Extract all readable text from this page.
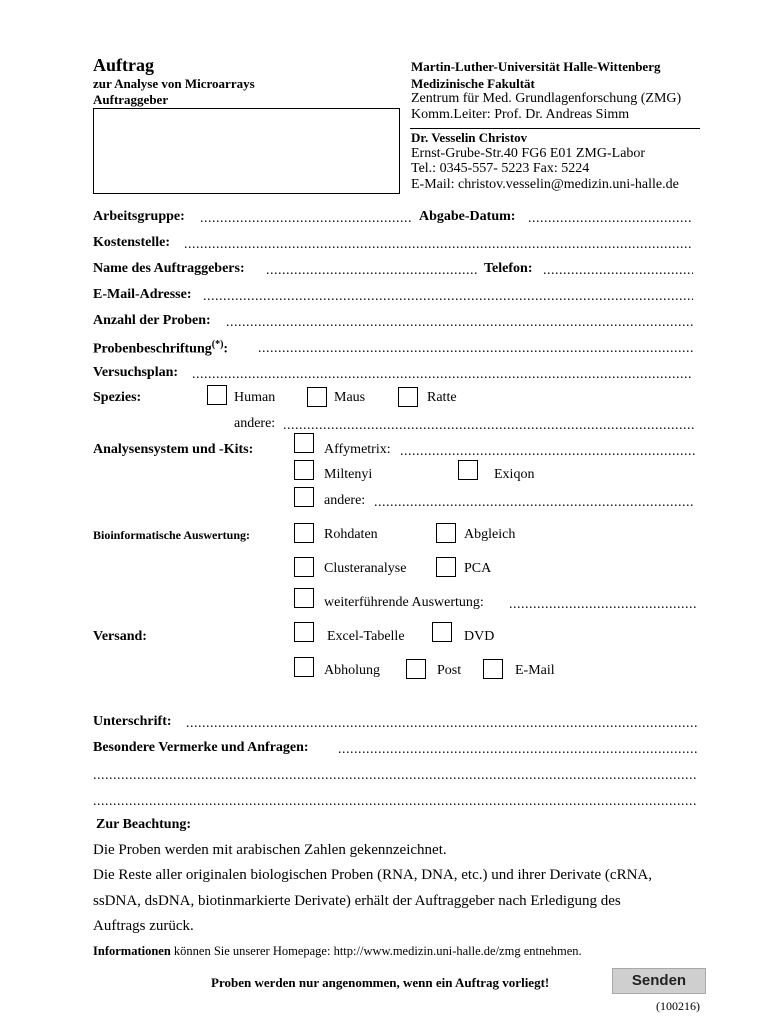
Auftrag
zur Analyse von Microarrays
Auftraggeber
Martin-Luther-Universität Halle-Wittenberg
Medizinische Fakultät
Zentrum für Med. Grundlagenforschung (ZMG)
Komm.Leiter: Prof. Dr. Andreas Simm
Dr. Vesselin Christov
Ernst-Grube-Str.40 FG6 E01 ZMG-Labor
Tel.: 0345-557- 5223 Fax: 5224
E-Mail: christov.vesselin@medizin.uni-halle.de
Arbeitsgruppe: .....	Abgabe-Datum:
.....
Kostenstelle:
.....
Name des Auftraggebers: .....	Telefon:
.....
E-Mail-Adresse:
.....
Anzahl der Proben:
.....
Probenbeschriftung(*):
.....
Versuchsplan:
.....
Spezies:	Human	Maus	Ratte
andere:
.....
Analysensystem und -Kits:	Affymetrix:
.....
Miltenyi	Exiqon
andere:
.....
Bioinformatische Auswertung:	Rohdaten	Abgleich
Clusteranalyse	PCA
weiterführende Auswertung:
.....
Versand:	Excel-Tabelle	DVD
Abholung	Post	E-Mail
Unterschrift:
.....
Besondere Vermerke und Anfragen:
.....
.....
.....
Zur Beachtung:
Die Proben werden mit arabischen Zahlen gekennzeichnet.
Die Reste aller originalen biologischen Proben (RNA, DNA, etc.) und ihrer Derivate (cRNA,
ssDNA, dsDNA, biotinmarkierte Derivate) erhält der Auftraggeber nach Erledigung des
Auftrags zurück.
Informationen können Sie unserer Homepage: http://www.medizin.uni-halle.de/zmg entnehmen.
Proben werden nur angenommen, wenn ein Auftrag vorliegt!	Senden
(100216)
